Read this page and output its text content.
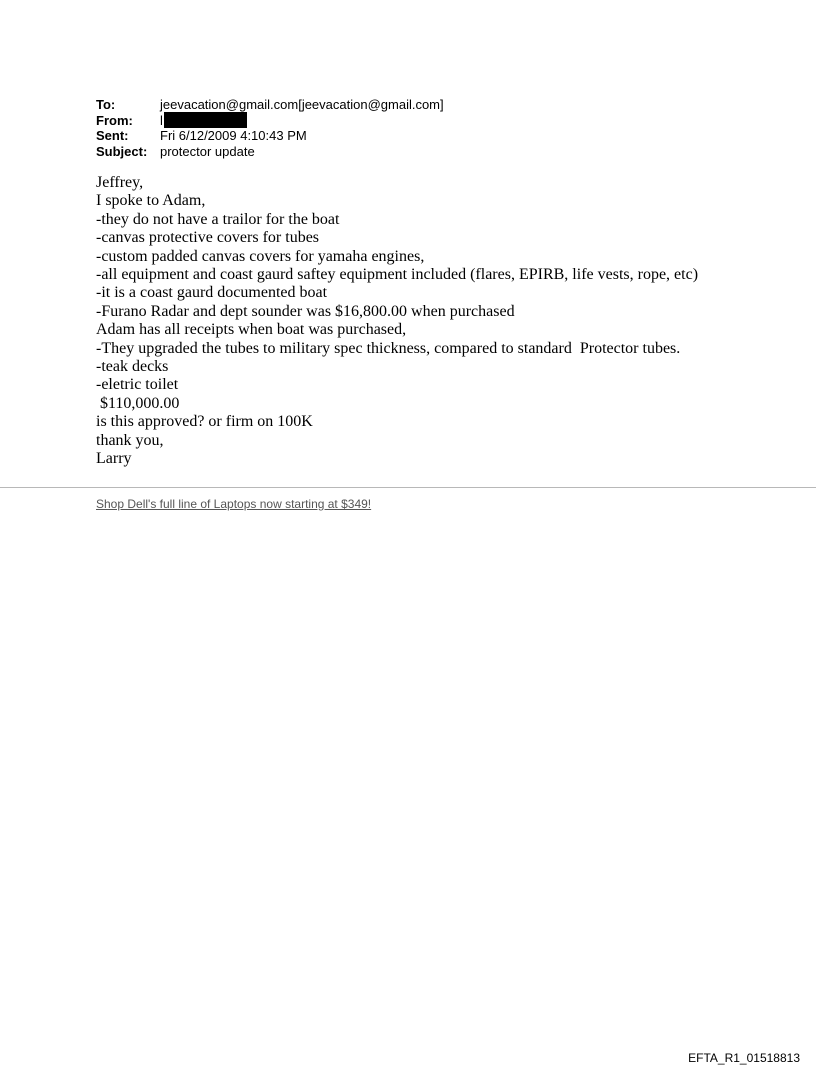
To:	jeevacation@gmail.com[jeevacation@gmail.com]
From:

Sent:	Fri 6/12/2009 4:10:43 PM
Subject: protector update
l
Jeffrey,
I spoke to Adam,
-they do not have a trailor for the boat
-canvas protective covers for tubes
-custom padded canvas covers for yamaha engines,
-all equipment and coast gaurd saftey equipment included (flares, EPIRB, life vests, rope, etc)
-it is a coast gaurd documented boat
-Furano Radar and dept sounder was $16,800.00 when purchased
Adam has all receipts when boat was purchased,
-They upgraded the tubes to military spec thickness, compared to standard  Protector tubes.
-teak decks
-eletric toilet
$110,000.00
is this approved? or firm on 100K
thank you,
Larry
Shop Dell's full line of Laptops now starting at $349!
EFTA_R1_01518813
